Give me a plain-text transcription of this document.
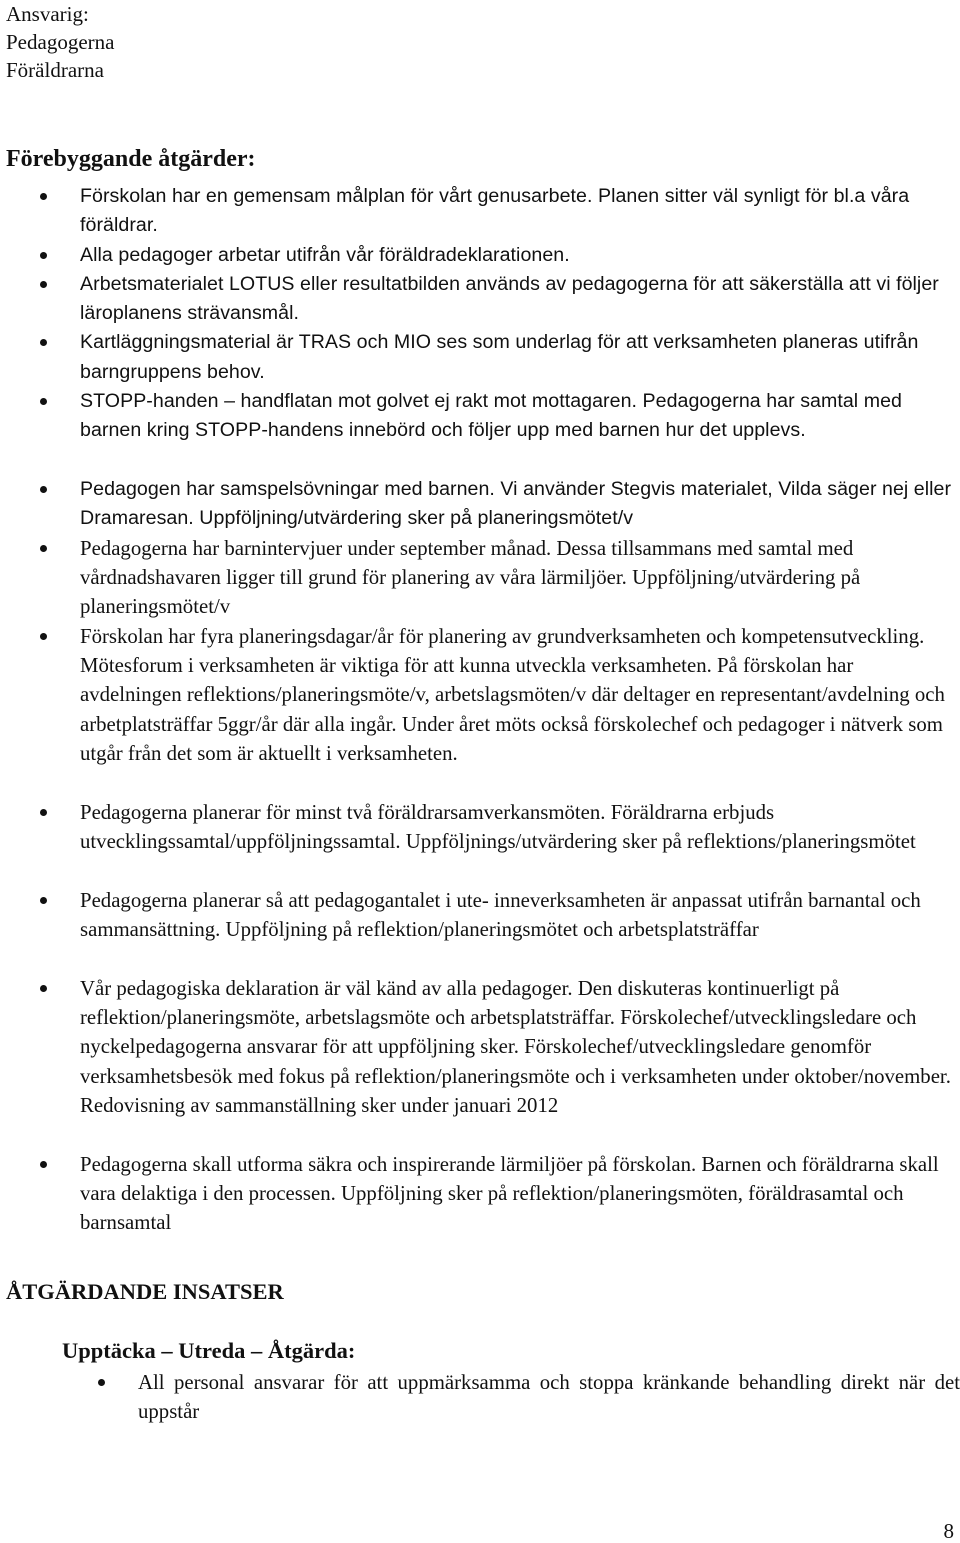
Ansvarig:
Pedagogerna
Föräldrarna
Förebyggande åtgärder:
Förskolan har en gemensam målplan för vårt genusarbete. Planen sitter väl synligt för bl.a våra föräldrar.
Alla pedagoger arbetar utifrån vår föräldradeklarationen.
Arbetsmaterialet LOTUS eller resultatbilden används av pedagogerna för att säkerställa att vi följer läroplanens strävansmål.
Kartläggningsmaterial är TRAS och MIO ses som underlag för att verksamheten planeras utifrån barngruppens behov.
STOPP-handen – handflatan mot golvet ej rakt mot mottagaren. Pedagogerna har samtal med barnen kring STOPP-handens innebörd och följer upp med barnen hur det upplevs.
Pedagogen har samspelsövningar med barnen. Vi använder Stegvis materialet, Vilda säger nej eller Dramaresan. Uppföljning/utvärdering sker på planeringsmötet/v
Pedagogerna har barnintervjuer under september månad. Dessa tillsammans med samtal med vårdnadshavaren ligger till grund för planering av våra lärmiljöer. Uppföljning/utvärdering på planeringsmötet/v
Förskolan har fyra planeringsdagar/år för planering av grundverksamheten och kompetensutveckling. Mötesforum i verksamheten är viktiga för att kunna utveckla verksamheten. På förskolan har avdelningen reflektions/planeringsmöte/v, arbetslagsmöten/v där deltager en representant/avdelning och arbetplatsträffar 5ggr/år där alla ingår. Under året möts också förskolechef och pedagoger i nätverk som utgår från det som är aktuellt i verksamheten.
Pedagogerna planerar för minst två föräldrarsamverkansmöten. Föräldrarna erbjuds utvecklingssamtal/uppföljningssamtal. Uppföljnings/utvärdering sker på reflektions/planeringsmötet
Pedagogerna planerar så att pedagogantalet i ute- inneverksamheten är anpassat utifrån barnantal och sammansättning. Uppföljning på reflektion/planeringsmötet och arbetsplatsträffar
Vår pedagogiska deklaration är väl känd av alla pedagoger. Den diskuteras kontinuerligt på reflektion/planeringsmöte, arbetslagsmöte och arbetsplatsträffar. Förskolechef/utvecklingsledare och nyckelpedagogerna ansvarar för att uppföljning sker. Förskolechef/utvecklingsledare genomför verksamhetsbesök med fokus på reflektion/planeringsmöte och i verksamheten under oktober/november. Redovisning av sammanställning sker under januari 2012
Pedagogerna skall utforma säkra och inspirerande lärmiljöer på förskolan. Barnen och föräldrarna skall vara delaktiga i den processen. Uppföljning sker på reflektion/planeringsmöten, föräldrasamtal och barnsamtal
ÅTGÄRDANDE INSATSER
Upptäcka – Utreda – Åtgärda:
All personal ansvarar för att uppmärksamma och stoppa kränkande behandling direkt när det uppstår
8
